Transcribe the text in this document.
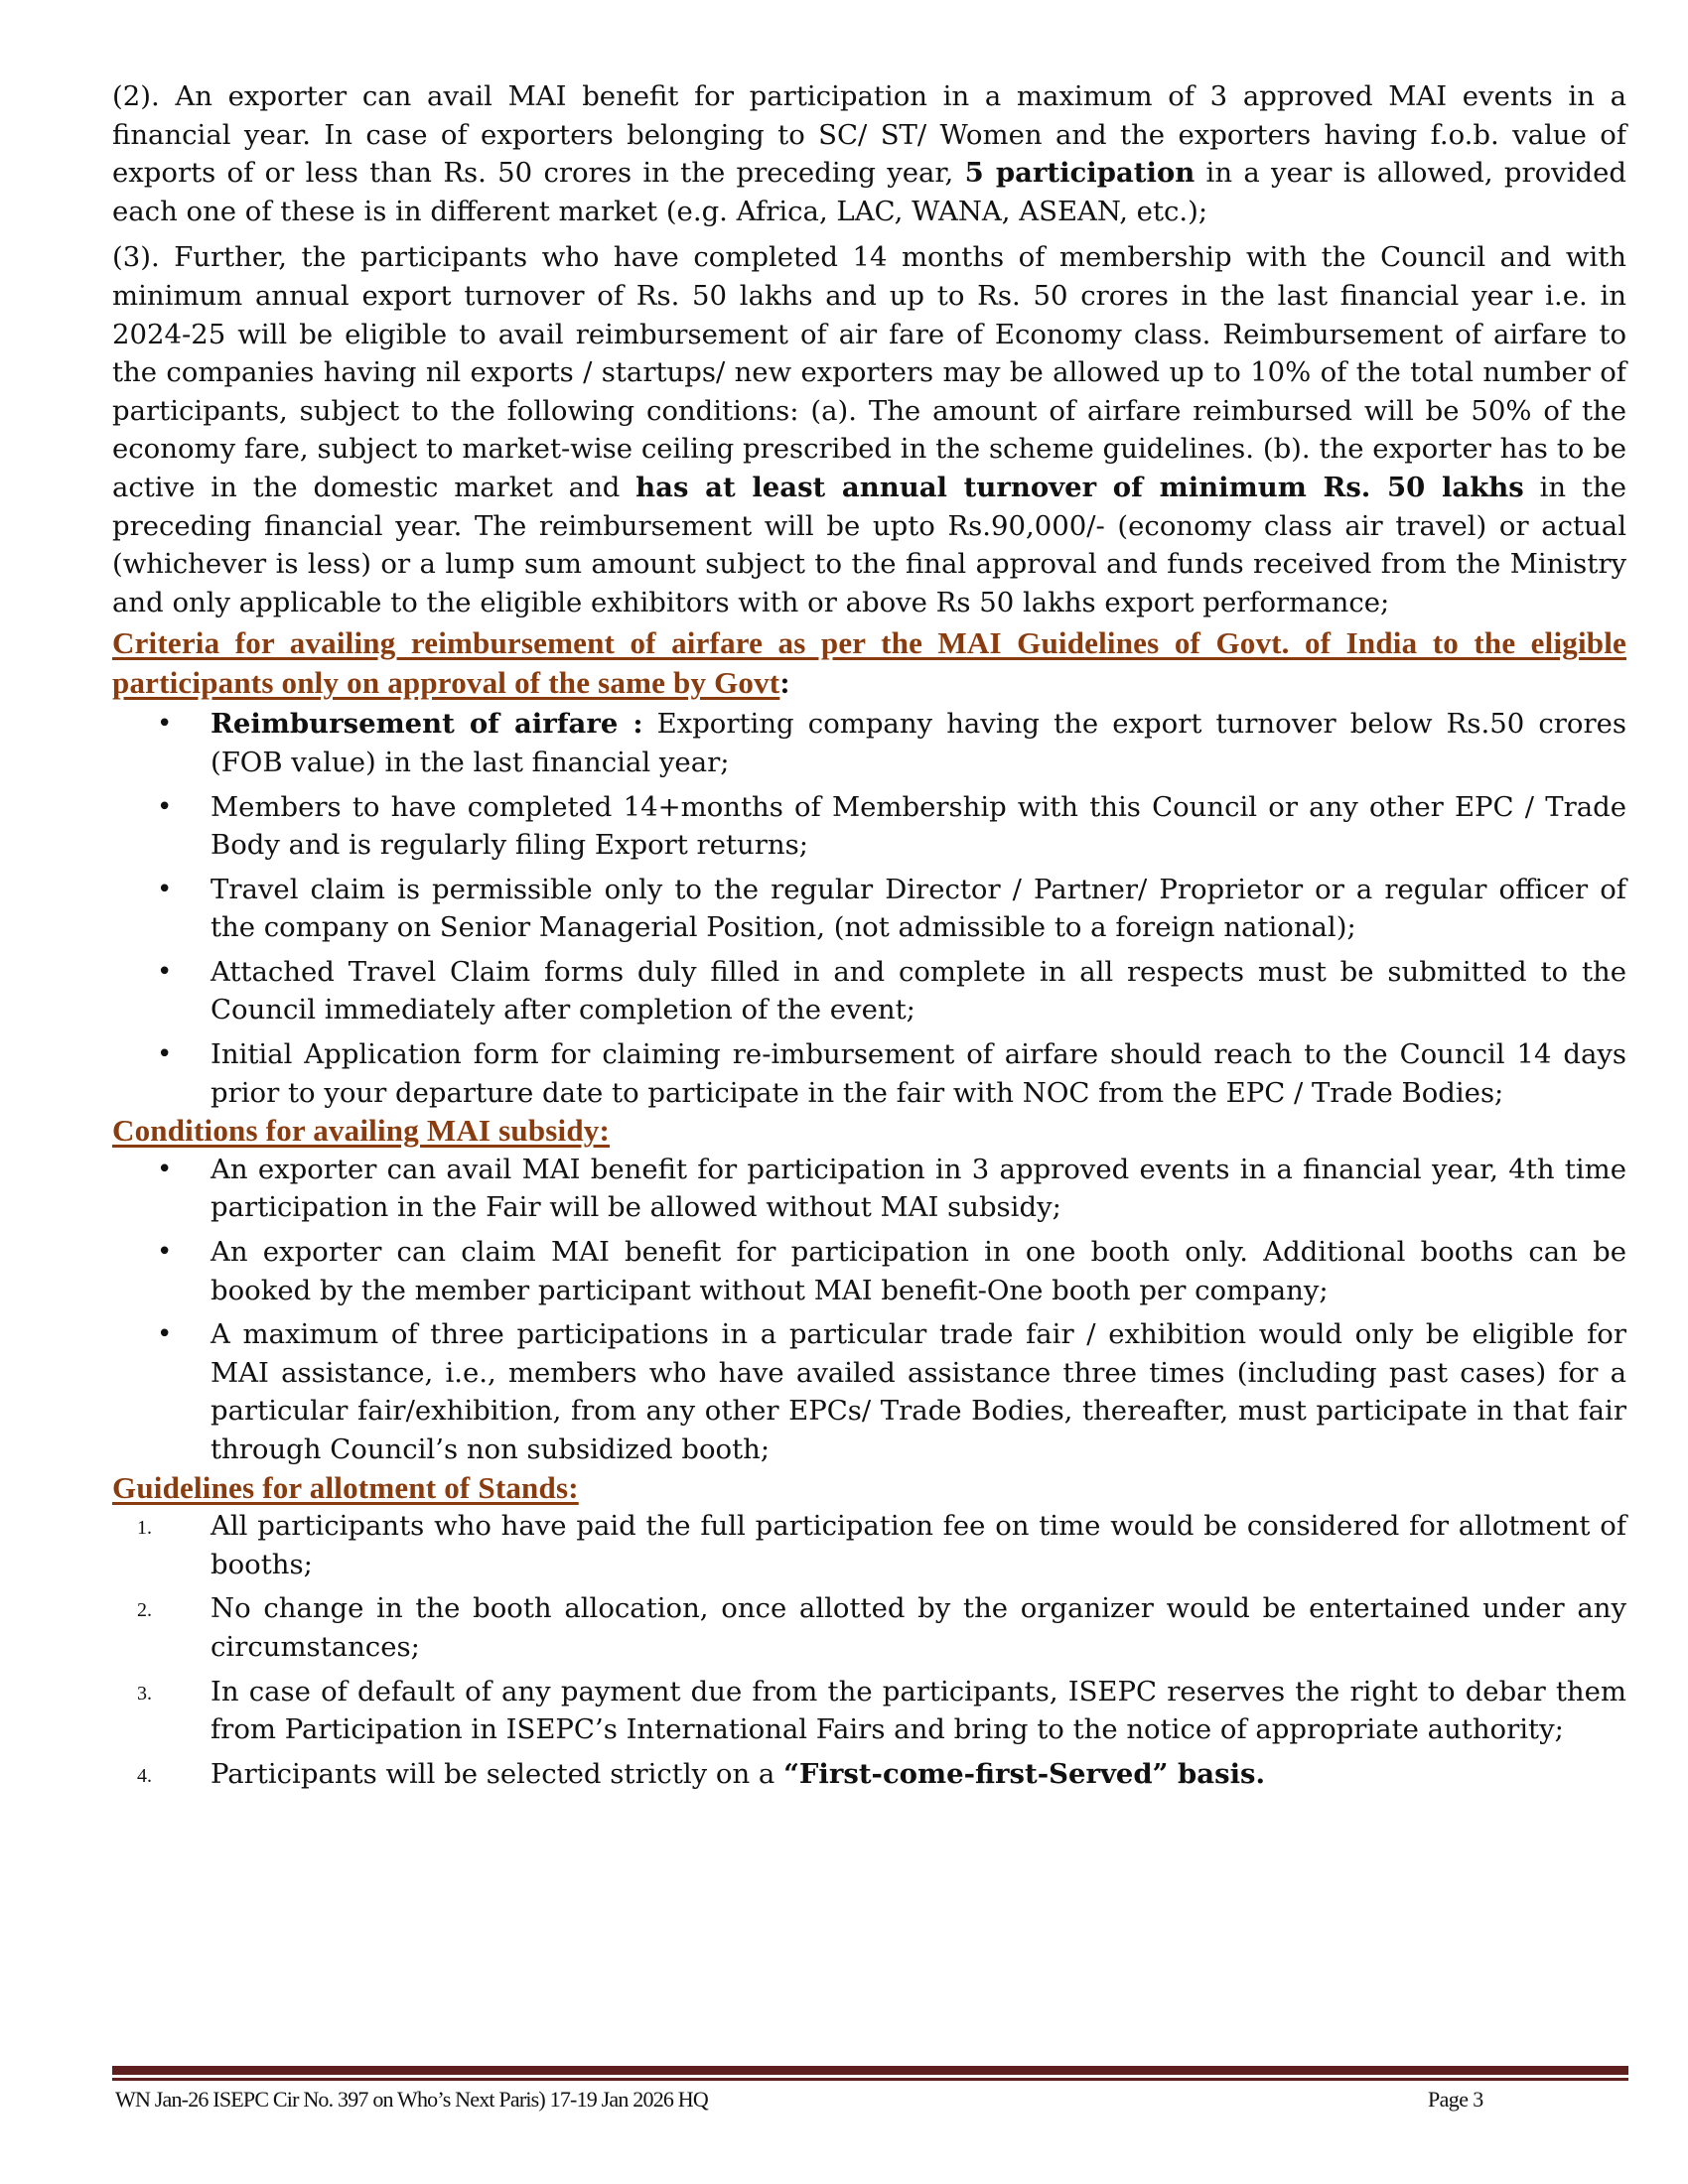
(2). An exporter can avail MAI benefit for participation in a maximum of 3 approved MAI events in a financial year. In case of exporters belonging to SC/ ST/ Women and the exporters having f.o.b. value of exports of or less than Rs. 50 crores in the preceding year, 5 participation in a year is allowed, provided each one of these is in different market (e.g. Africa, LAC, WANA, ASEAN, etc.);

(3). Further, the participants who have completed 14 months of membership with the Council and with minimum annual export turnover of Rs. 50 lakhs and up to Rs. 50 crores in the last financial year i.e. in 2024-25 will be eligible to avail reimbursement of air fare of Economy class. Reimbursement of airfare to the companies having nil exports / startups/ new exporters may be allowed up to 10% of the total number of participants, subject to the following conditions: (a). The amount of airfare reimbursed will be 50% of the economy fare, subject to market-wise ceiling prescribed in the scheme guidelines. (b). the exporter has to be active in the domestic market and has at least annual turnover of minimum Rs. 50 lakhs in the preceding financial year. The reimbursement will be upto Rs.90,000/- (economy class air travel) or actual (whichever is less) or a lump sum amount subject to the final approval and funds received from the Ministry and only applicable to the eligible exhibitors with or above Rs 50 lakhs export performance;

Criteria for availing reimbursement of airfare as per the MAI Guidelines of Govt. of India to the eligible participants only on approval of the same by Govt:

• Reimbursement of airfare : Exporting company having the export turnover below Rs.50 crores (FOB value) in the last financial year;
• Members to have completed 14+months of Membership with this Council or any other EPC / Trade Body and is regularly filing Export returns;
• Travel claim is permissible only to the regular Director / Partner/ Proprietor or a regular officer of the company on Senior Managerial Position, (not admissible to a foreign national);
• Attached Travel Claim forms duly filled in and complete in all respects must be submitted to the Council immediately after completion of the event;
• Initial Application form for claiming re-imbursement of airfare should reach to the Council 14 days prior to your departure date to participate in the fair with NOC from the EPC / Trade Bodies;

Conditions for availing MAI subsidy:

• An exporter can avail MAI benefit for participation in 3 approved events in a financial year, 4th time participation in the Fair will be allowed without MAI subsidy;
• An exporter can claim MAI benefit for participation in one booth only. Additional booths can be booked by the member participant without MAI benefit-One booth per company;
• A maximum of three participations in a particular trade fair / exhibition would only be eligible for MAI assistance, i.e., members who have availed assistance three times (including past cases) for a particular fair/exhibition, from any other EPCs/ Trade Bodies, thereafter, must participate in that fair through Council’s non subsidized booth;

Guidelines for allotment of Stands:

1. All participants who have paid the full participation fee on time would be considered for allotment of booths;
2. No change in the booth allocation, once allotted by the organizer would be entertained under any circumstances;
3. In case of default of any payment due from the participants, ISEPC reserves the right to debar them from Participation in ISEPC’s International Fairs and bring to the notice of appropriate authority;
4. Participants will be selected strictly on a “First-come-first-Served” basis.
WN Jan-26 ISEPC Cir No. 397 on Who’s Next Paris) 17-19 Jan 2026 HQ	Page 3
